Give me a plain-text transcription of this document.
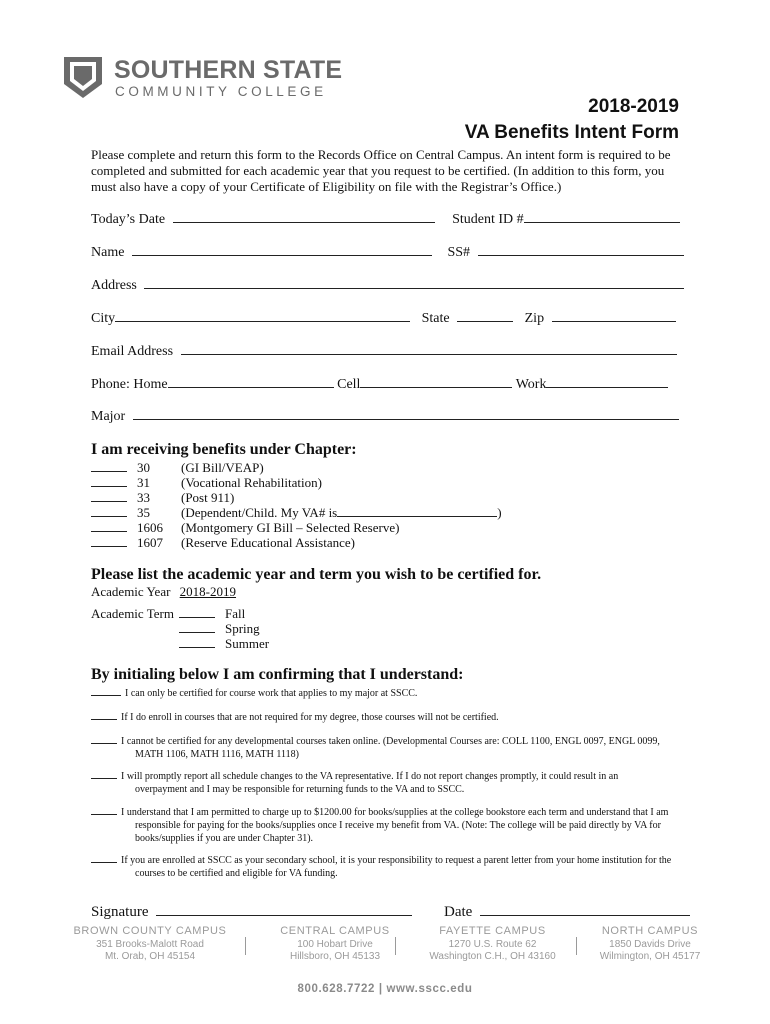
SOUTHERN STATE
COMMUNITY COLLEGE
2018-2019
VA Benefits Intent Form
Please complete and return this form to the Records Office on Central Campus. An intent form is required to be completed and submitted for each academic year that you request to be certified. (In addition to this form, you must also have a copy of your Certificate of Eligibility on file with the Registrar’s Office.)
Today’s Date	Student ID #
Name	SS#
Address
City	State	Zip
Email Address
Phone: Home	Cell	Work
Major
I am receiving benefits under Chapter:
30 (GI Bill/VEAP)
31 (Vocational Rehabilitation)
33 (Post 911)
35 (Dependent/Child. My VA# is	)
1606 (Montgomery GI Bill – Selected Reserve)
1607 (Reserve Educational Assistance)
Please list the academic year and term you wish to be certified for.
Academic Year 2018-2019
Academic Term	Fall
Spring
Summer
By initialing below I am confirming that I understand:
I can only be certified for course work that applies to my major at SSCC.
If I do enroll in courses that are not required for my degree, those courses will not be certified.
I cannot be certified for any developmental courses taken online. (Developmental Courses are: COLL 1100, ENGL 0097, ENGL 0099,
MATH 1106, MATH 1116, MATH 1118)
I will promptly report all schedule changes to the VA representative. If I do not report changes promptly, it could result in an
overpayment and I may be responsible for returning funds to the VA and to SSCC.
I understand that I am permitted to charge up to $1200.00 for books/supplies at the college bookstore each term and understand that I am
responsible for paying for the books/supplies once I receive my benefit from VA. (Note: The college will be paid directly by VA for books/supplies if you are under Chapter 31).
If you are enrolled at SSCC as your secondary school, it is your responsibility to request a parent letter from your home institution for the
courses to be certified and eligible for VA funding.
Signature	Date
BROWN COUNTY CAMPUS
351 Brooks-Malott Road
Mt. Orab, OH 45154
CENTRAL CAMPUS
100 Hobart Drive
Hillsboro, OH 45133
FAYETTE CAMPUS
1270 U.S. Route 62
Washington C.H., OH 43160
NORTH CAMPUS
1850 Davids Drive
Wilmington, OH 45177
800.628.7722 | www.sscc.edu
